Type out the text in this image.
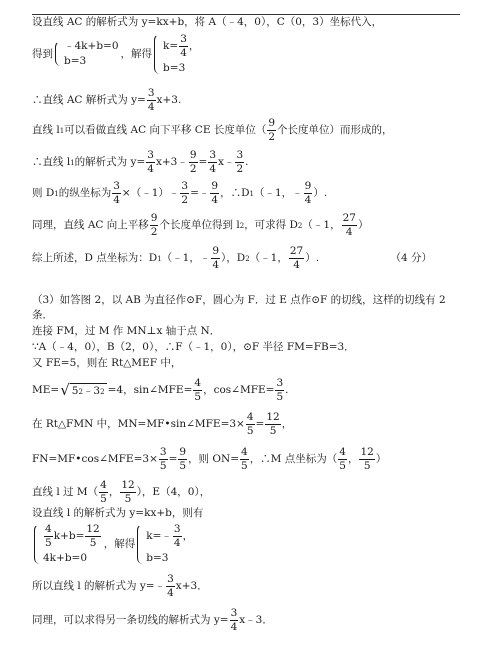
设直线 AC 的解析式为 y=kx+b，将 A（﹣4，0），C（0，3）坐标代入，
得到
﹣4k+b=0
b=3
，解得
$k= \frac{3}{4}$ ，
b=3
∴直线 AC 解析式为 $y= \frac{3}{4} x+3$.
直线 l 1 可以看做直线 AC 向下平移 CE 长度单位（
9
2
个长度单位）而形成的，
∴直线 l 1 的解析式为 $y= \frac{3}{4}$ x+3﹣ $\frac{9}{2} = \frac{3}{4}$ x﹣
3
2
.
则 D 1 的纵坐标为 $\frac{3}{4}$ ×（﹣1）﹣ $\frac{3}{2}$ =﹣
9
4
，∴D 1 （﹣1，﹣
9
4
）.
同理，直线 AC 向上平移
9
2
个长度单位得到 l 2 ，可求得 D 2 （﹣1，
27
4
）
综上所述，D 点坐标为：D 1 （﹣1，﹣
9
4
），D 2 （﹣1，
27
4
）.	（4 分）
（3）如答图 2，以 AB 为直径作⊙F，圆心为 F．过 E 点作⊙F 的切线，这样的切线有 2
条．
连接 FM，过 M 作 MN⊥x 轴于点 N．
∵A（﹣4，0），B（2，0），∴F（﹣1，0），⊙F 半径 FM=FB=3．
又 FE=5，则在 Rt△MEF 中，
ME= √ 5 2 ﹣3 2 =4，sin∠MFE= $\frac{4}{5}$ ，cos∠MFE= $\frac{3}{5}$ .
在 Rt△FMN 中，MN=MF•sin∠MFE=3× $\frac{4}{5} = \frac{12}{5}$ ，
FN=MF•cos∠MFE=3× $\frac{3}{5} = \frac{9}{5}$ ，则 $ON= \frac{4}{5}$ ，∴M 点坐标为（
4
5
，
12
5
）
直线 l 过 M（
4
5
，
12
5
），E（4，0），
设直线 l 的解析式为 y=kx+b，则有
4
5
$k+b= \frac{12}{5}$
4k+b=0
，解得
k=﹣
3
4
，
b=3
所以直线 l 的解析式为 y=﹣
3
4
x+3．
同理，可以求得另一条切线的解析式为 $y= \frac{3}{4}$ x﹣3．
